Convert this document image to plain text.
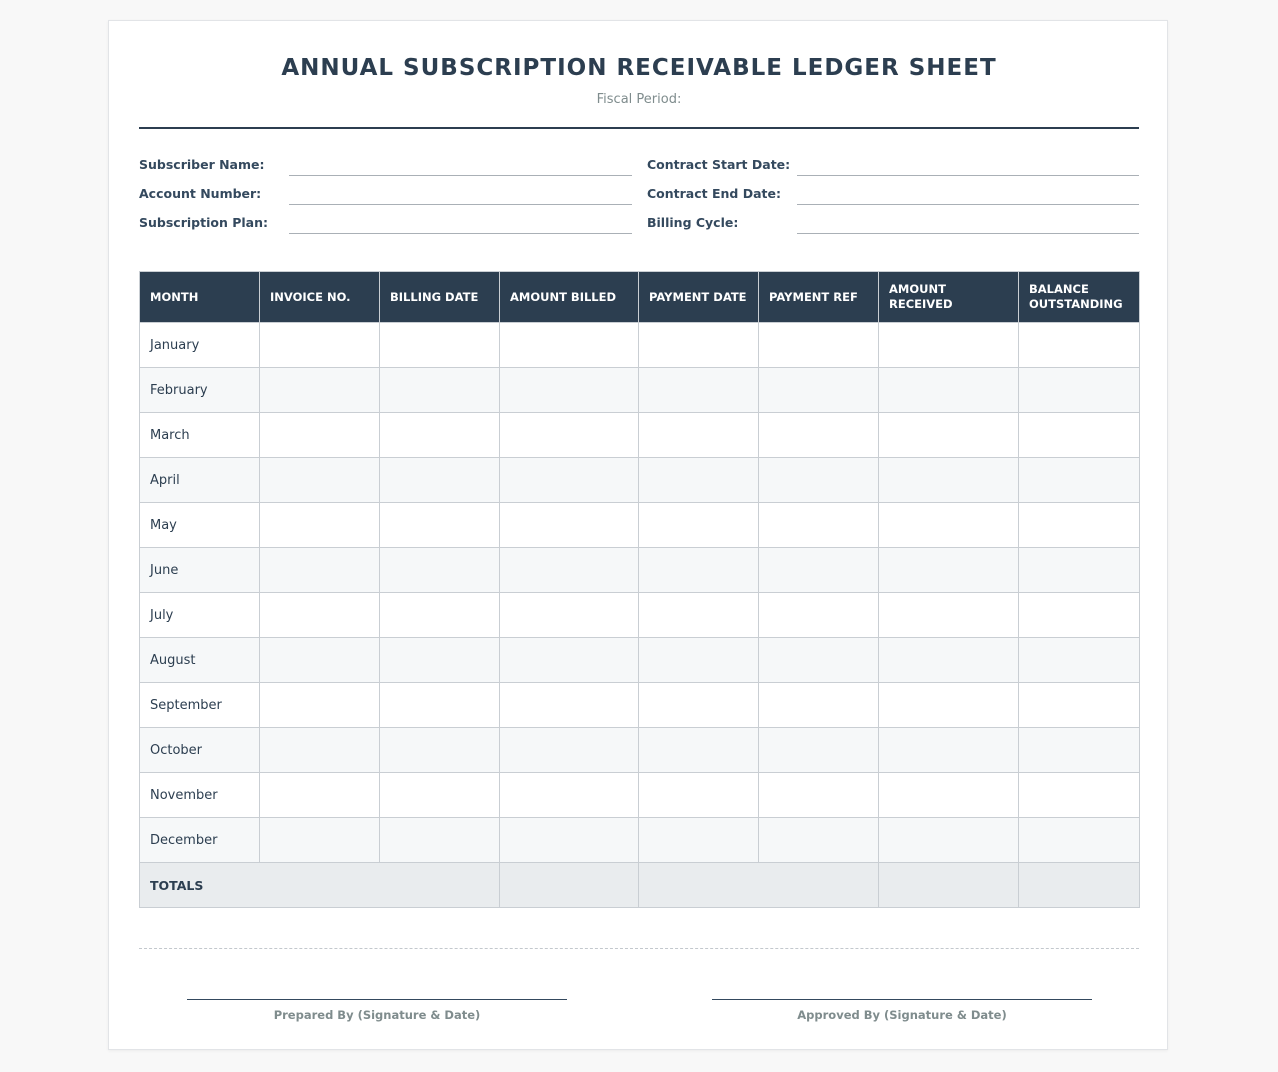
ANNUAL SUBSCRIPTION RECEIVABLE LEDGER SHEET
Fiscal Period:
Subscriber Name:
Account Number:
Subscription Plan:
Contract Start Date:
Contract End Date:
Billing Cycle:
MONTH	INVOICE NO.	BILLING DATE	AMOUNT BILLED	PAYMENT DATE	PAYMENT REF	AMOUNT RECEIVED	BALANCE OUTSTANDING
January							
February							
March							
April							
May							
June							
July							
August							
September							
October							
November							
December							
TOTALS							
Prepared By (Signature & Date)	Approved By (Signature & Date)
